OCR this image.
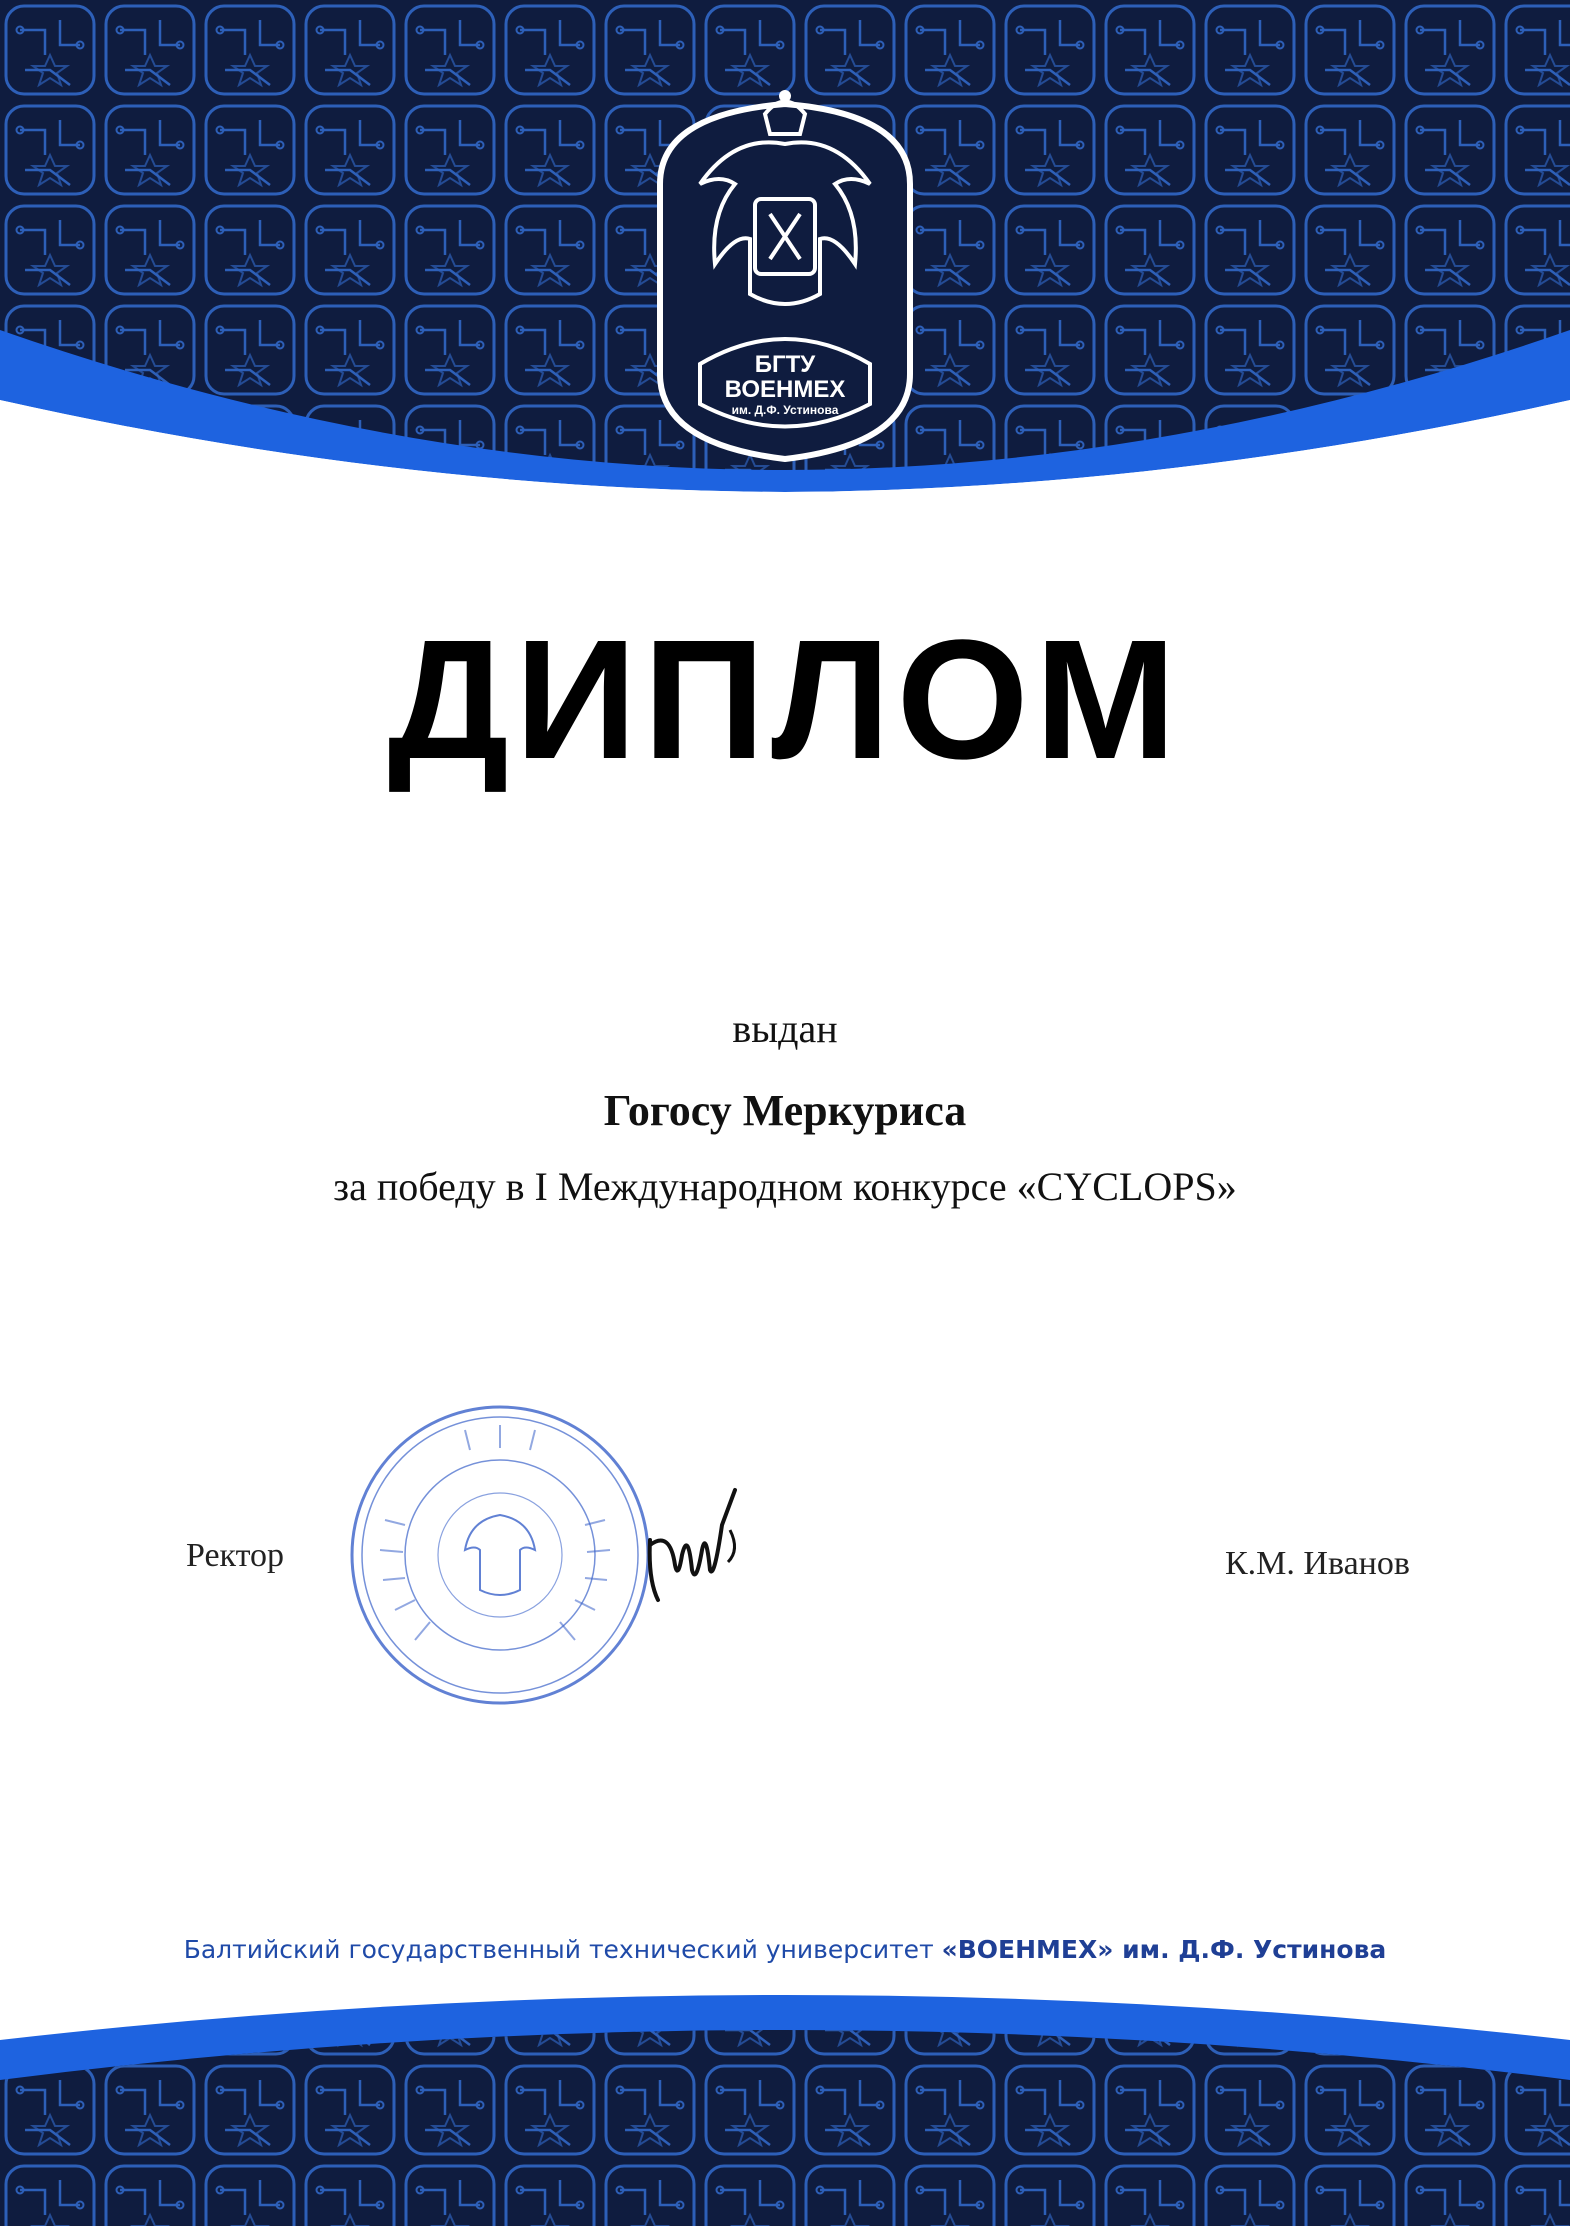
БГТУ
ВОЕНМЕХ
им. Д.Ф. Устинова
ДИПЛОМ
выдан
Гогосу Меркуриса
за победу в I Международном конкурсе «CYCLOPS»
Ректор	К.М. Иванов
Балтийский государственный технический университет «ВОЕНМЕХ» им. Д.Ф. Устинова
